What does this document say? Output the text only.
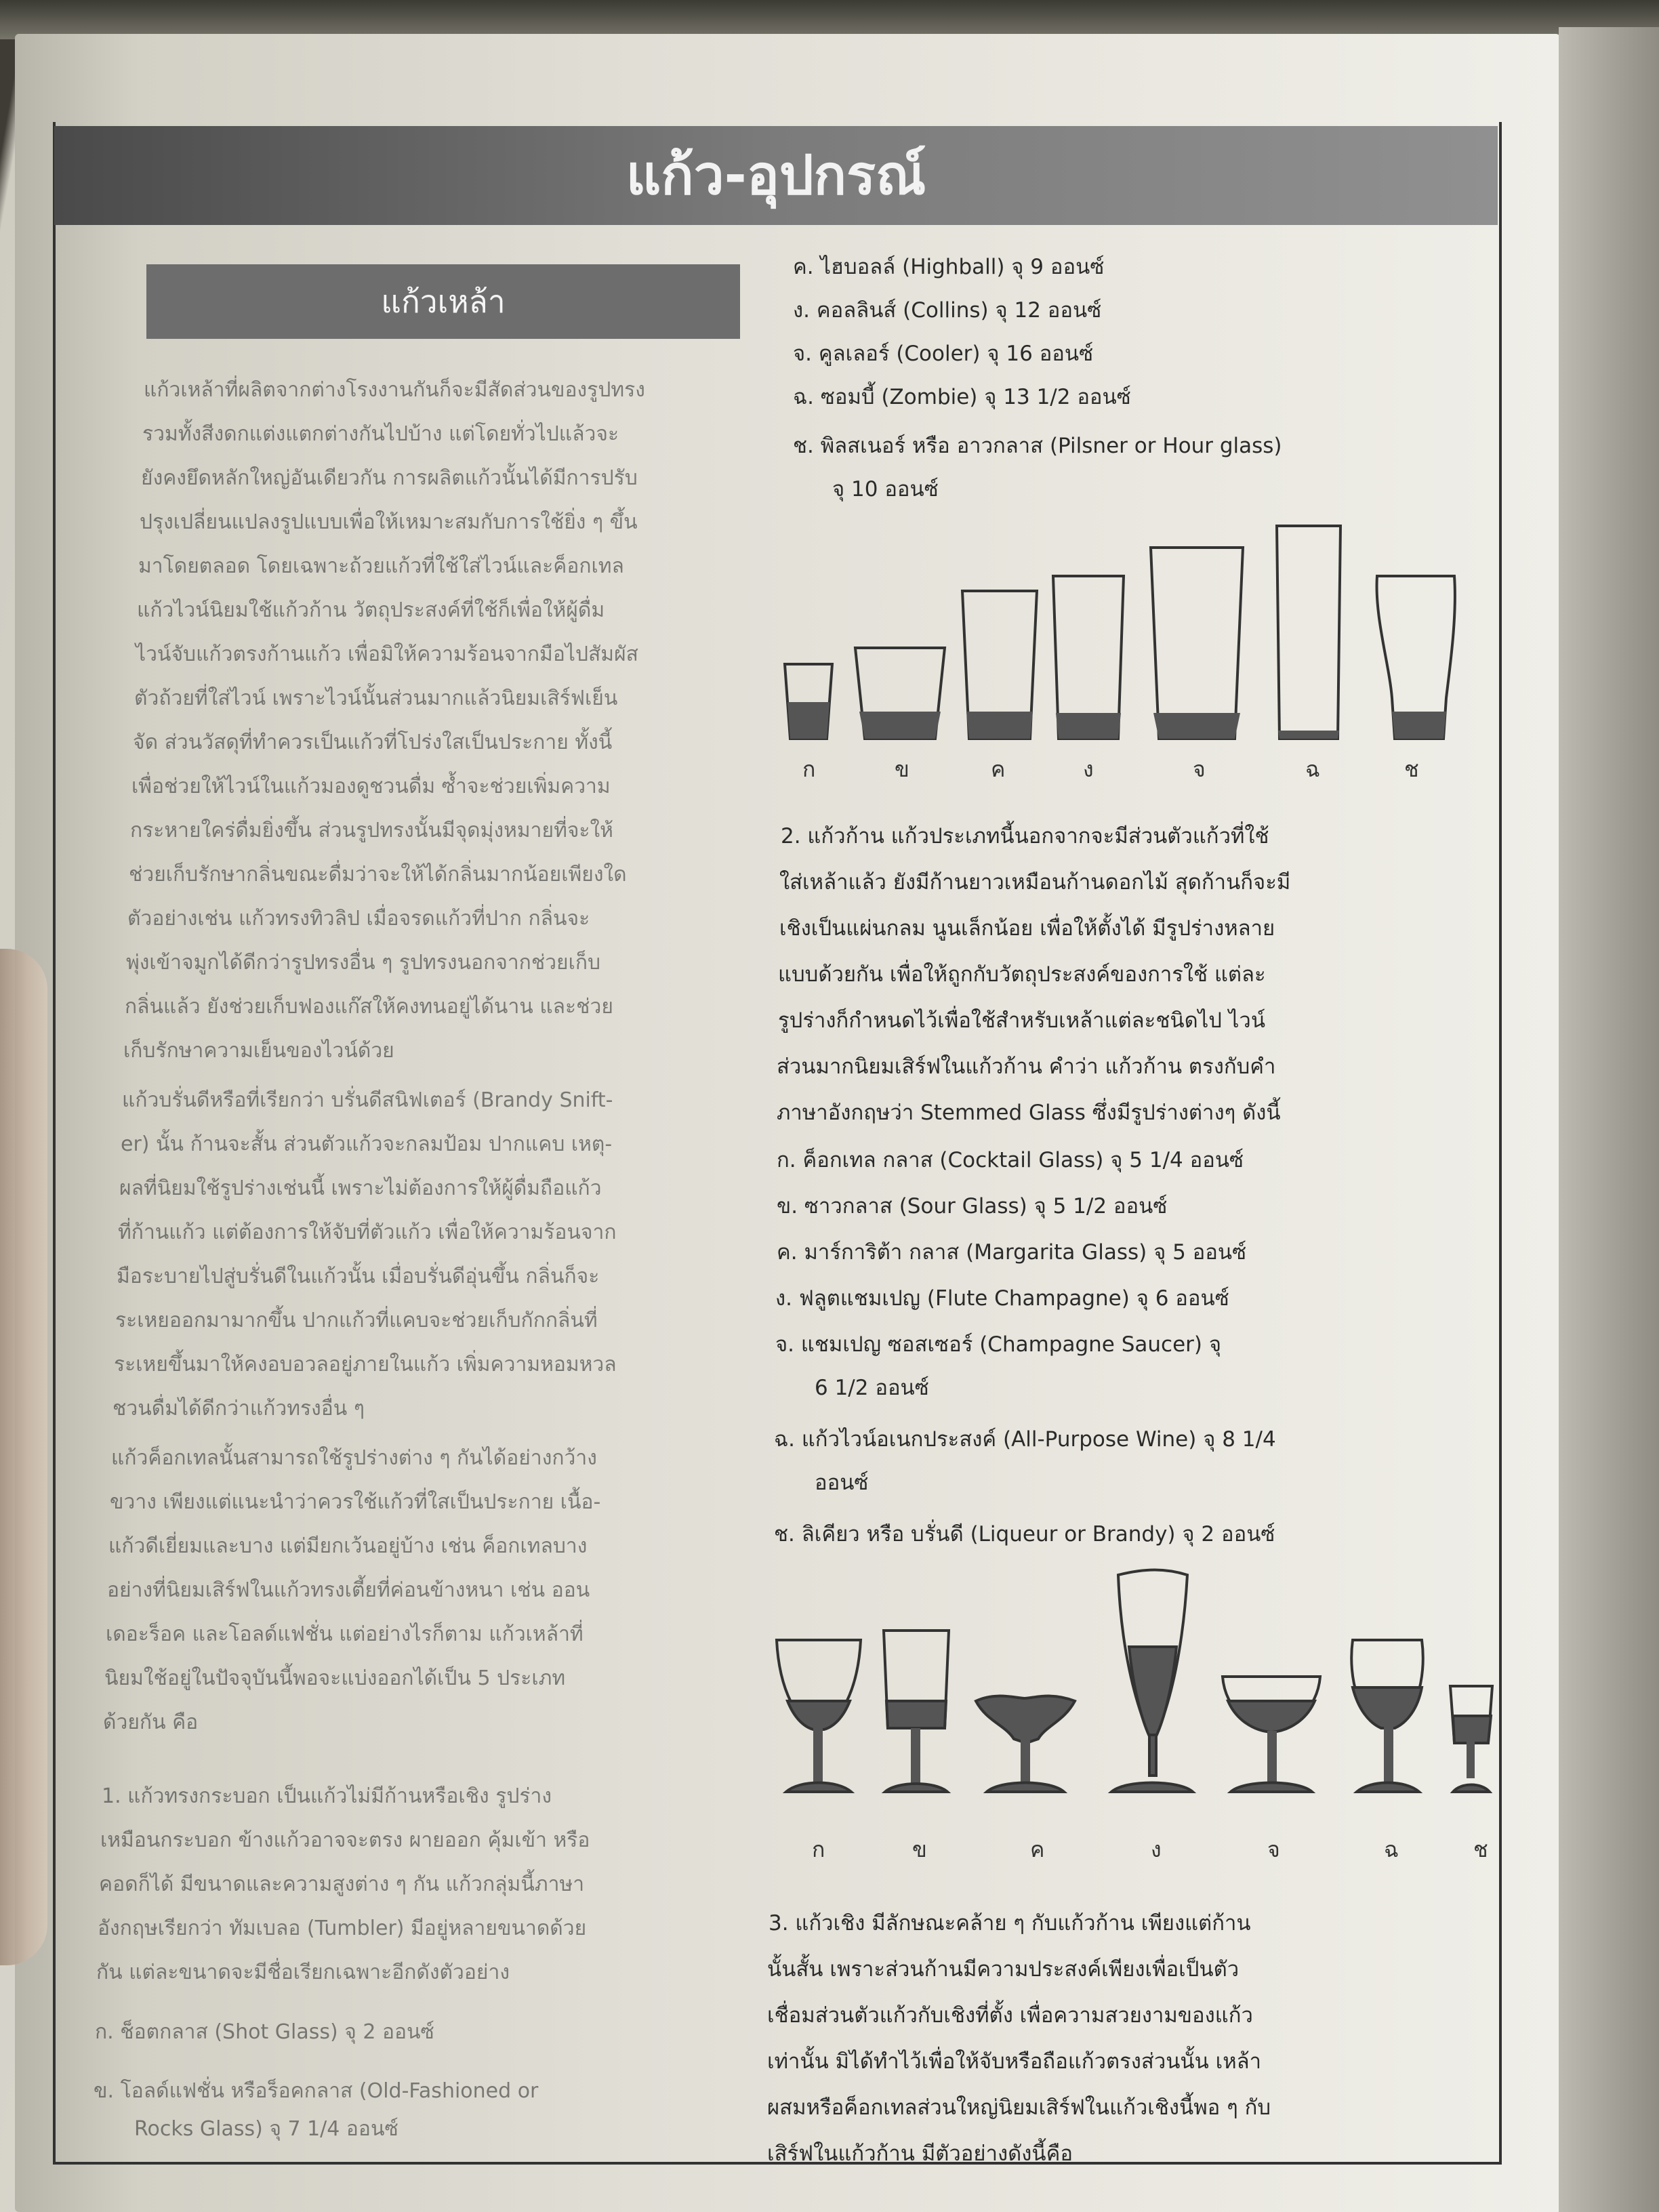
แก้ว-อุปกรณ์
แก้วเหล้า
แก้วเหล้าที่ผลิตจากต่างโรงงานกันก็จะมีสัดส่วนของรูปทรง
รวมทั้งสีงดกแต่งแตกต่างกันไปบ้าง แต่โดยทั่วไปแล้วจะ
ยังคงยึดหลักใหญ่อันเดียวกัน การผลิตแก้วนั้นได้มีการปรับ
ปรุงเปลี่ยนแปลงรูปแบบเพื่อให้เหมาะสมกับการใช้ยิ่ง ๆ ขึ้น
มาโดยตลอด โดยเฉพาะถ้วยแก้วที่ใช้ใส่ไวน์และค็อกเทล
แก้วไวน์นิยมใช้แก้วก้าน วัตถุประสงค์ที่ใช้ก็เพื่อให้ผู้ดื่ม
ไวน์จับแก้วตรงก้านแก้ว เพื่อมิให้ความร้อนจากมือไปสัมผัส
ตัวถ้วยที่ใส่ไวน์ เพราะไวน์นั้นส่วนมากแล้วนิยมเสิร์ฟเย็น
จัด ส่วนวัสดุที่ทำควรเป็นแก้วที่โปร่งใสเป็นประกาย ทั้งนี้
เพื่อช่วยให้ไวน์ในแก้วมองดูชวนดื่ม ซ้ำจะช่วยเพิ่มความ
กระหายใคร่ดื่มยิ่งขึ้น ส่วนรูปทรงนั้นมีจุดมุ่งหมายที่จะให้
ช่วยเก็บรักษากลิ่นขณะดื่มว่าจะให้ได้กลิ่นมากน้อยเพียงใด
ตัวอย่างเช่น แก้วทรงทิวลิป เมื่อจรดแก้วที่ปาก กลิ่นจะ
พุ่งเข้าจมูกได้ดีกว่ารูปทรงอื่น ๆ รูปทรงนอกจากช่วยเก็บ
กลิ่นแล้ว ยังช่วยเก็บฟองแก๊สให้คงทนอยู่ได้นาน และช่วย
เก็บรักษาความเย็นของไวน์ด้วย
แก้วบรั่นดีหรือที่เรียกว่า บรั่นดีสนิฟเตอร์ (Brandy Snift-
er) นั้น ก้านจะสั้น ส่วนตัวแก้วจะกลมป้อม ปากแคบ เหตุ-
ผลที่นิยมใช้รูปร่างเช่นนี้ เพราะไม่ต้องการให้ผู้ดื่มถือแก้ว
ที่ก้านแก้ว แต่ต้องการให้จับที่ตัวแก้ว เพื่อให้ความร้อนจาก
มือระบายไปสู่บรั่นดีในแก้วนั้น เมื่อบรั่นดีอุ่นขึ้น กลิ่นก็จะ
ระเหยออกมามากขึ้น ปากแก้วที่แคบจะช่วยเก็บกักกลิ่นที่
ระเหยขึ้นมาให้คงอบอวลอยู่ภายในแก้ว เพิ่มความหอมหวล
ชวนดื่มได้ดีกว่าแก้วทรงอื่น ๆ
แก้วค็อกเทลนั้นสามารถใช้รูปร่างต่าง ๆ กันได้อย่างกว้าง
ขวาง เพียงแต่แนะนำว่าควรใช้แก้วที่ใสเป็นประกาย เนื้อ-
แก้วดีเยี่ยมและบาง แต่มียกเว้นอยู่บ้าง เช่น ค็อกเทลบาง
อย่างที่นิยมเสิร์ฟในแก้วทรงเตี้ยที่ค่อนข้างหนา เช่น ออน
เดอะร็อค และโอลด์แฟชั่น แต่อย่างไรก็ตาม แก้วเหล้าที่
นิยมใช้อยู่ในปัจจุบันนี้พอจะแบ่งออกได้เป็น 5 ประเภท
ด้วยกัน คือ
1. แก้วทรงกระบอก เป็นแก้วไม่มีก้านหรือเชิง รูปร่าง
เหมือนกระบอก ข้างแก้วอาจจะตรง ผายออก คุ้มเข้า หรือ
คอดก็ได้ มีขนาดและความสูงต่าง ๆ กัน แก้วกลุ่มนี้ภาษา
อังกฤษเรียกว่า ทัมเบลอ (Tumbler) มีอยู่หลายขนาดด้วย
กัน แต่ละขนาดจะมีชื่อเรียกเฉพาะอีกดังตัวอย่าง
ก. ช็อตกลาส (Shot Glass) จุ 2 ออนซ์
ข. โอลด์แฟชั่น หรือร็อคกลาส (Old-Fashioned or
Rocks Glass) จุ 7 1/4 ออนซ์
ค. ไฮบอลล์ (Highball) จุ 9 ออนซ์
ง. คอลลินส์ (Collins) จุ 12 ออนซ์
จ. คูลเลอร์ (Cooler) จุ 16 ออนซ์
ฉ. ซอมบี้ (Zombie) จุ 13 1/2 ออนซ์
ช. พิลสเนอร์ หรือ อาวกลาส (Pilsner or Hour glass)
จุ 10 ออนซ์
ก	ข	ค	ง	จ	ฉ	ช
2. แก้วก้าน แก้วประเภทนี้นอกจากจะมีส่วนตัวแก้วที่ใช้
ใส่เหล้าแล้ว ยังมีก้านยาวเหมือนก้านดอกไม้ สุดก้านก็จะมี
เชิงเป็นแผ่นกลม นูนเล็กน้อย เพื่อให้ตั้งได้ มีรูปร่างหลาย
แบบด้วยกัน เพื่อให้ถูกกับวัตถุประสงค์ของการใช้ แต่ละ
รูปร่างก็กำหนดไว้เพื่อใช้สำหรับเหล้าแต่ละชนิดไป ไวน์
ส่วนมากนิยมเสิร์ฟในแก้วก้าน คำว่า แก้วก้าน ตรงกับคำ
ภาษาอังกฤษว่า Stemmed Glass ซึ่งมีรูปร่างต่างๆ ดังนี้
ก. ค็อกเทล กลาส (Cocktail Glass) จุ 5 1/4 ออนซ์
ข. ซาวกลาส (Sour Glass) จุ 5 1/2 ออนซ์
ค. มาร์การิต้า กลาส (Margarita Glass) จุ 5 ออนซ์
ง. ฟลูตแชมเปญ (Flute Champagne) จุ 6 ออนซ์
จ. แชมเปญ ซอสเซอร์ (Champagne Saucer) จุ
6 1/2 ออนซ์
ฉ. แก้วไวน์อเนกประสงค์ (All-Purpose Wine) จุ 8 1/4
ออนซ์
ช. ลิเคียว หรือ บรั่นดี (Liqueur or Brandy) จุ 2 ออนซ์
ก	ข	ค	ง	จ	ฉ	ช
3. แก้วเชิง มีลักษณะคล้าย ๆ กับแก้วก้าน เพียงแต่ก้าน
นั้นสั้น เพราะส่วนก้านมีความประสงค์เพียงเพื่อเป็นตัว
เชื่อมส่วนตัวแก้วกับเชิงที่ตั้ง เพื่อความสวยงามของแก้ว
เท่านั้น มิได้ทำไว้เพื่อให้จับหรือถือแก้วตรงส่วนนั้น เหล้า
ผสมหรือค็อกเทลส่วนใหญ่นิยมเสิร์ฟในแก้วเชิงนี้พอ ๆ กับ
เสิร์ฟในแก้วก้าน มีตัวอย่างดังนี้คือ
